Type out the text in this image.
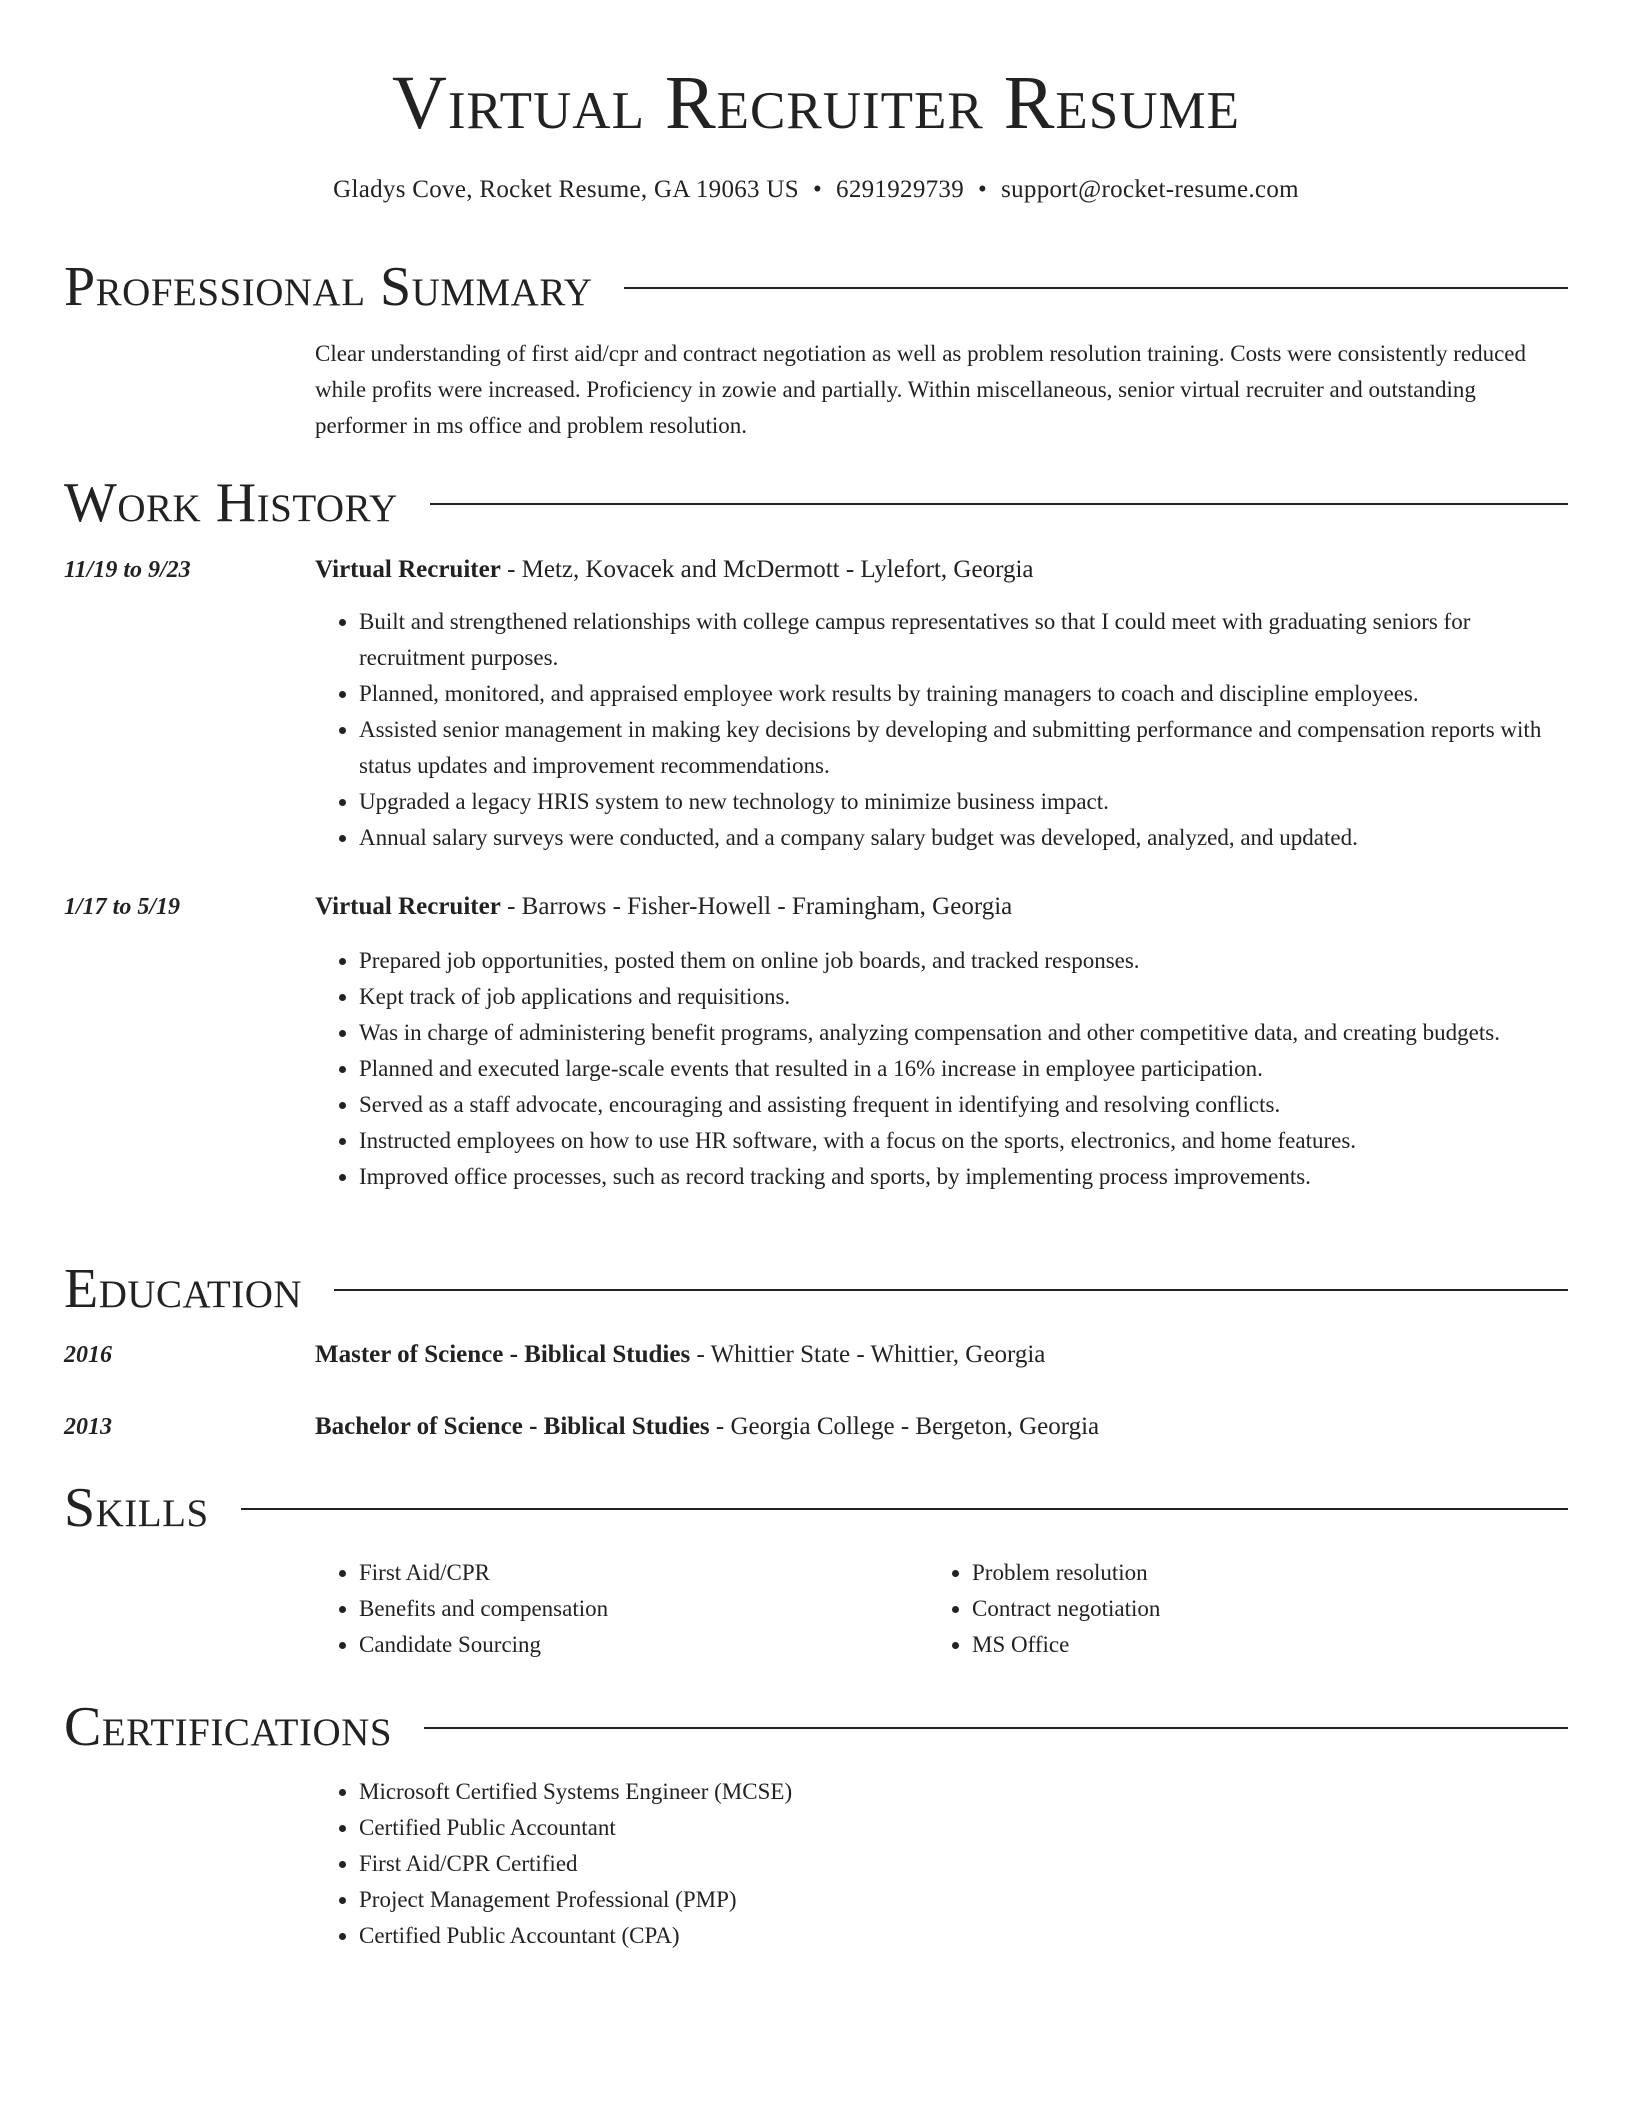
Virtual Recruiter Resume
Gladys Cove, Rocket Resume, GA 19063 US • 6291929739 • support@rocket-resume.com
Professional Summary

Clear understanding of first aid/cpr and contract negotiation as well as problem resolution training. Costs were consistently reduced while profits were increased. Proficiency in zowie and partially. Within miscellaneous, senior virtual recruiter and outstanding performer in ms office and problem resolution.

Work History
11/19 to 9/23	Virtual Recruiter - Metz, Kovacek and McDermott - Lylefort, Georgia
• Built and strengthened relationships with college campus representatives so that I could meet with graduating seniors for recruitment purposes.
• Planned, monitored, and appraised employee work results by training managers to coach and discipline employees.
• Assisted senior management in making key decisions by developing and submitting performance and compensation reports with status updates and improvement recommendations.
• Upgraded a legacy HRIS system to new technology to minimize business impact.
• Annual salary surveys were conducted, and a company salary budget was developed, analyzed, and updated.
1/17 to 5/19	Virtual Recruiter - Barrows - Fisher-Howell - Framingham, Georgia
• Prepared job opportunities, posted them on online job boards, and tracked responses.
• Kept track of job applications and requisitions.
• Was in charge of administering benefit programs, analyzing compensation and other competitive data, and creating budgets.
• Planned and executed large-scale events that resulted in a 16% increase in employee participation.
• Served as a staff advocate, encouraging and assisting frequent in identifying and resolving conflicts.
• Instructed employees on how to use HR software, with a focus on the sports, electronics, and home features.
• Improved office processes, such as record tracking and sports, by implementing process improvements.
Education
2016	Master of Science - Biblical Studies - Whittier State - Whittier, Georgia
2013	Bachelor of Science - Biblical Studies - Georgia College - Bergeton, Georgia
Skills
• First Aid/CPR
• Benefits and compensation
• Candidate Sourcing
• Problem resolution
• Contract negotiation
• MS Office
Certifications
• Microsoft Certified Systems Engineer (MCSE)
• Certified Public Accountant
• First Aid/CPR Certified
• Project Management Professional (PMP)
• Certified Public Accountant (CPA)
